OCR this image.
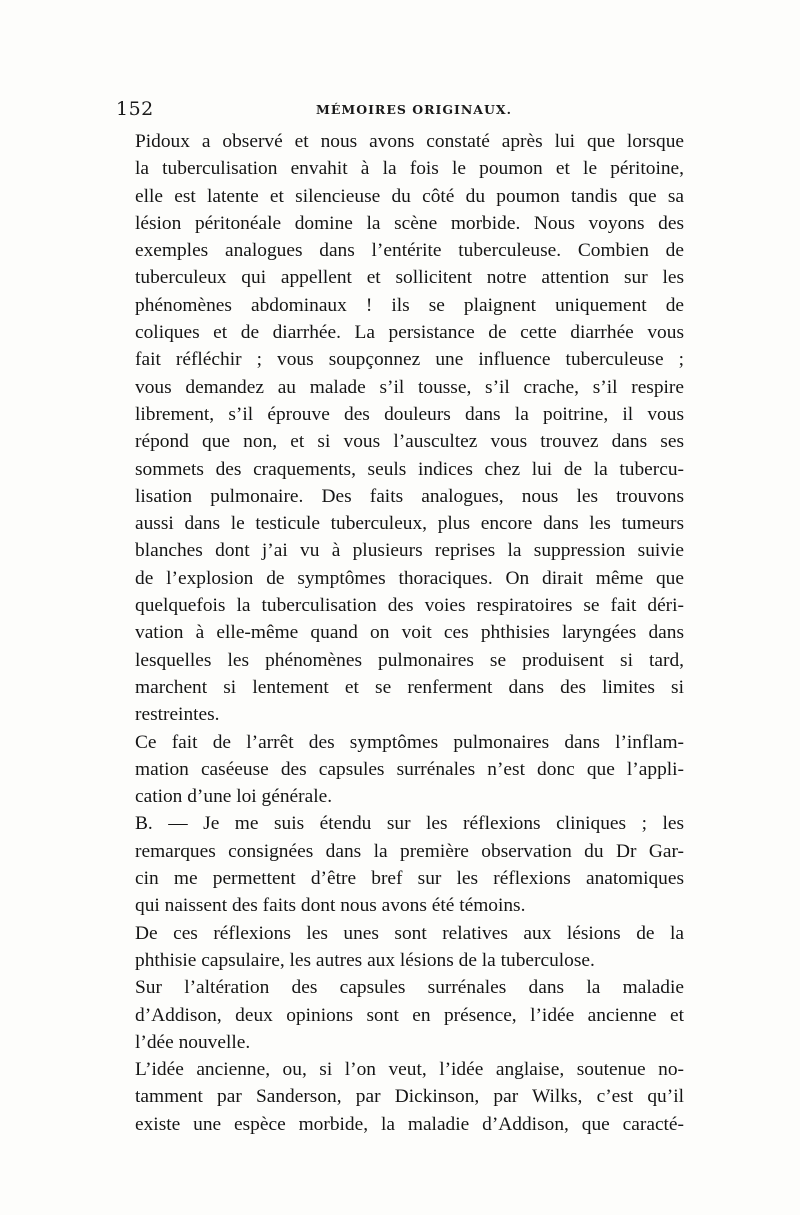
152	MÉMOIRES ORIGINAUX.

Pidoux a observé et nous avons constaté après lui que lorsque
la tuberculisation envahit à la fois le poumon et le péritoine,
elle est latente et silencieuse du côté du poumon tandis que sa
lésion péritonéale domine la scène morbide. Nous voyons des
exemples analogues dans l’entérite tuberculeuse. Combien de
tuberculeux qui appellent et sollicitent notre attention sur les
phénomènes abdominaux ! ils se plaignent uniquement de
coliques et de diarrhée. La persistance de cette diarrhée vous
fait réfléchir ; vous soupçonnez une influence tuberculeuse ;
vous demandez au malade s’il tousse, s’il crache, s’il respire
librement, s’il éprouve des douleurs dans la poitrine, il vous
répond que non, et si vous l’auscultez vous trouvez dans ses
sommets des craquements, seuls indices chez lui de la tubercu-
lisation pulmonaire. Des faits analogues, nous les trouvons
aussi dans le testicule tuberculeux, plus encore dans les tumeurs
blanches dont j’ai vu à plusieurs reprises la suppression suivie
de l’explosion de symptômes thoraciques. On dirait même que
quelquefois la tuberculisation des voies respiratoires se fait déri-
vation à elle-même quand on voit ces phthisies laryngées dans
lesquelles les phénomènes pulmonaires se produisent si tard,
marchent si lentement et se renferment dans des limites si
restreintes.

Ce fait de l’arrêt des symptômes pulmonaires dans l’inflam-
mation caséeuse des capsules surrénales n’est donc que l’appli-
cation d’une loi générale.

B. — Je me suis étendu sur les réflexions cliniques ; les
remarques consignées dans la première observation du Dr Gar-
cin me permettent d’être bref sur les réflexions anatomiques
qui naissent des faits dont nous avons été témoins.

De ces réflexions les unes sont relatives aux lésions de la
phthisie capsulaire, les autres aux lésions de la tuberculose.

Sur l’altération des capsules surrénales dans la maladie
d’Addison, deux opinions sont en présence, l’idée ancienne et
l’dée nouvelle.

L’idée ancienne, ou, si l’on veut, l’idée anglaise, soutenue no-
tamment par Sanderson, par Dickinson, par Wilks, c’est qu’il
existe une espèce morbide, la maladie d’Addison, que caracté-
